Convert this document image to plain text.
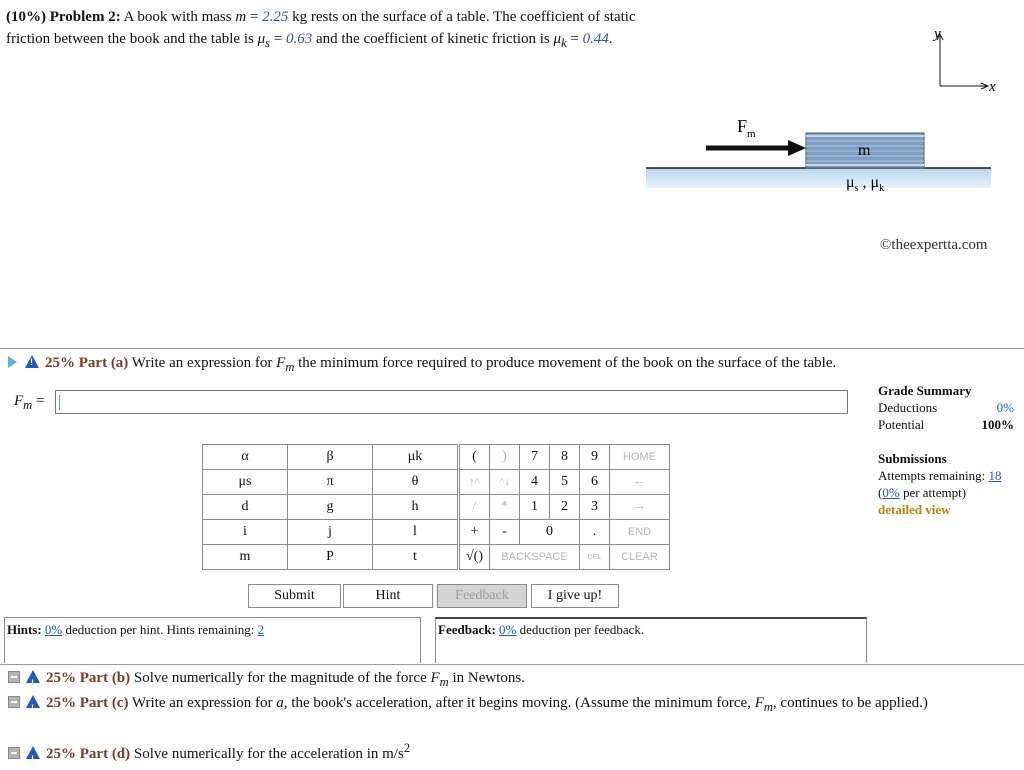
(10%) Problem 2: A book with mass m = 2.25 kg rests on the surface of a table. The coefficient of static friction between the book and the table is $\mu_s = 0.63$ and the coefficient of kinetic friction is $\mu_k = 0.44$.	y
x
m
$F_m$
$\mu_s$ , $\mu_k$
©theexpertta.com
!25% Part (a) Write an expression for $F_m$ the minimum force required to produce movement of the book on the surface of the table.
$F_m$ =
Grade Summary
Deductions	0%
Potential	100%
Submissions
Attempts remaining: 18
(0% per attempt)
detailed view
α	β	μk
μs	π	θ
d	g	h
i	j	l
m	P	t
(	)	7	8	9	HOME
↑^	^↓	4	5	6	←
/	*	1	2	3	→
+	-	0		.	END
√()	BACKSPACE			DEL	CLEAR
Submit	Hint	Feedback	I give up!
Hints: 0% deduction per hint. Hints remaining: 2	Feedback: 0% deduction per feedback.
!25% Part (b) Solve numerically for the magnitude of the force $F_m$ in Newtons.
!25% Part (c) Write an expression for a, the book's acceleration, after it begins moving. (Assume the minimum force, $F_m$, continues to be applied.)
!25% Part (d) Solve numerically for the acceleration in $m/s^2$
